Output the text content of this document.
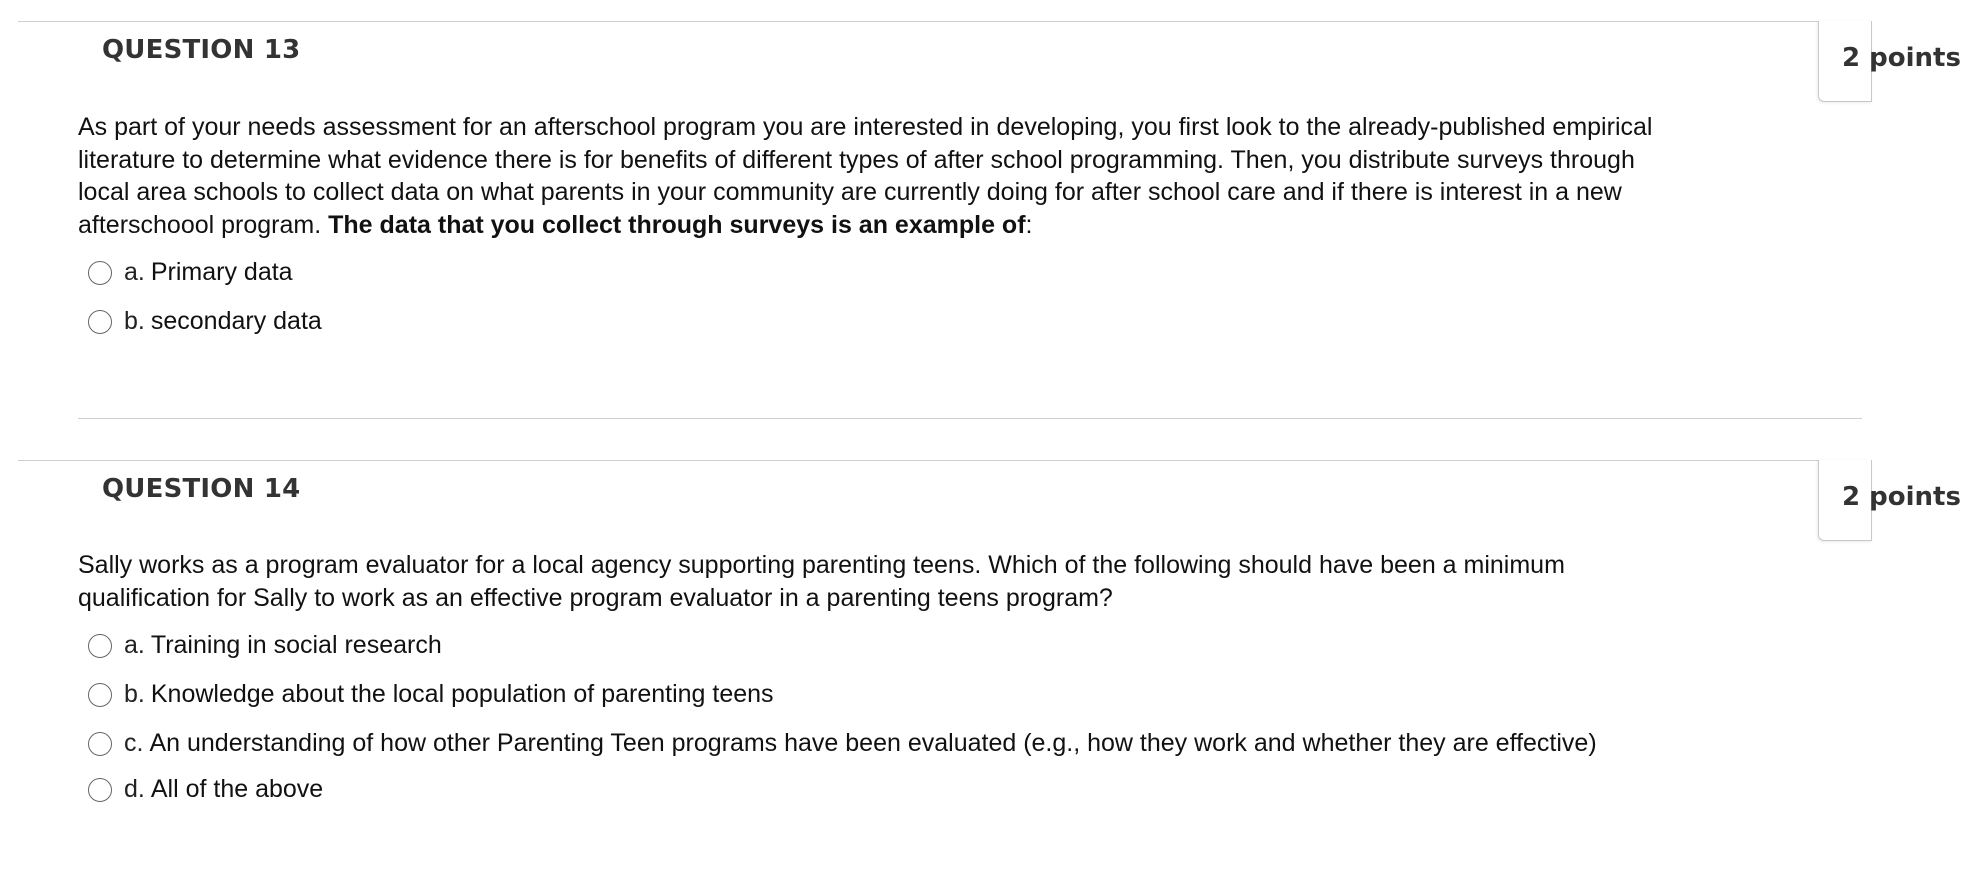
QUESTION 13	2 points

As part of your needs assessment for an afterschool program you are interested in developing, you first look to the already-published empirical literature to determine what evidence there is for benefits of different types of after school programming. Then, you distribute surveys through local area schools to collect data on what parents in your community are currently doing for after school care and if there is interest in a new afterschoool program. The data that you collect through surveys is an example of:

a. Primary data
b. secondary data
QUESTION 14	2 points

Sally works as a program evaluator for a local agency supporting parenting teens. Which of the following should have been a minimum qualification for Sally to work as an effective program evaluator in a parenting teens program?

a. Training in social research
b. Knowledge about the local population of parenting teens
c. An understanding of how other Parenting Teen programs have been evaluated (e.g., how they work and whether they are effective)
d. All of the above
